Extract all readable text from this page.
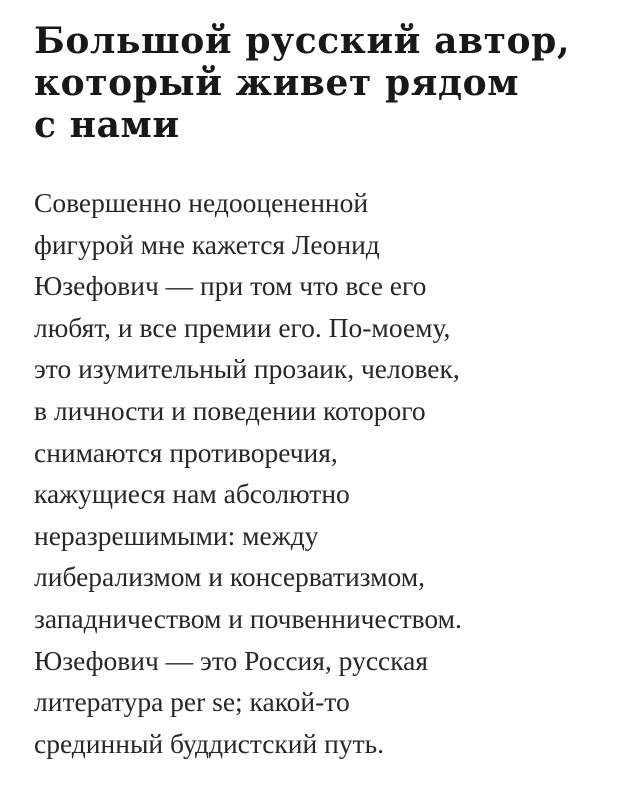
Большой русский автор,
который живет рядом
с нами
Совершенно недооцененной
фигурой мне кажется Леонид
Юзефович — при том что все его
любят, и все премии его. По-моему,
это изумительный прозаик, человек,
в личности и поведении которого
снимаются противоречия,
кажущиеся нам абсолютно
неразрешимыми: между
либерализмом и консерватизмом,
западничеством и почвенничеством.
Юзефович — это Россия, русская
литература per se; какой-то
срединный буддистский путь.
